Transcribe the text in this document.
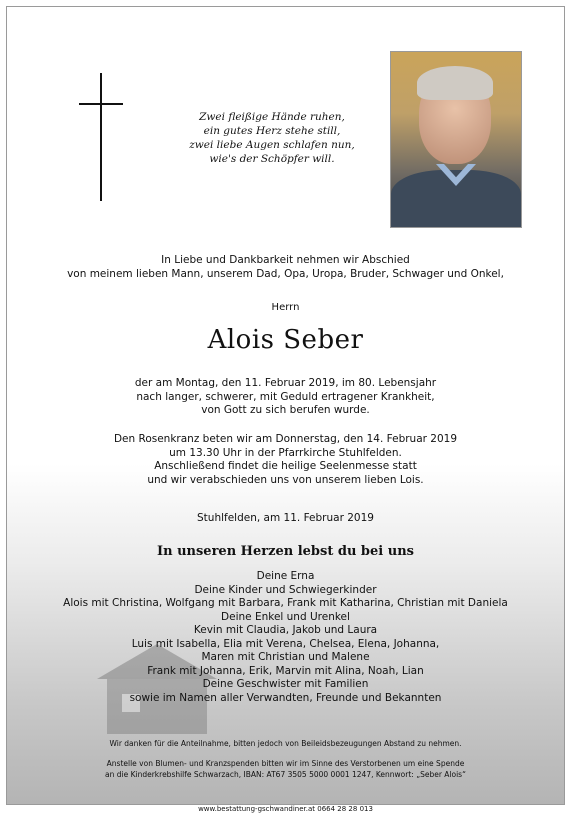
Zwei fleißige Hände ruhen,
ein gutes Herz stehe still,
zwei liebe Augen schlafen nun,
wie's der Schöpfer will.
In Liebe und Dankbarkeit nehmen wir Abschied
von meinem lieben Mann, unserem Dad, Opa, Uropa, Bruder, Schwager und Onkel,
Herrn
Alois Seber
der am Montag, den 11. Februar 2019, im 80. Lebensjahr
nach langer, schwerer, mit Geduld ertragener Krankheit,
von Gott zu sich berufen wurde.
Den Rosenkranz beten wir am Donnerstag, den 14. Februar 2019
um 13.30 Uhr in der Pfarrkirche Stuhlfelden.
Anschließend findet die heilige Seelenmesse statt
und wir verabschieden uns von unserem lieben Lois.
Stuhlfelden, am 11. Februar 2019
In unseren Herzen lebst du bei uns
Deine Erna
Deine Kinder und Schwiegerkinder
Alois mit Christina, Wolfgang mit Barbara, Frank mit Katharina, Christian mit Daniela
Deine Enkel und Urenkel
Kevin mit Claudia, Jakob und Laura
Luis mit Isabella, Elia mit Verena, Chelsea, Elena, Johanna,
Maren mit Christian und Malene
Frank mit Johanna, Erik, Marvin mit Alina, Noah, Lian
Deine Geschwister mit Familien
sowie im Namen aller Verwandten, Freunde und Bekannten
Wir danken für die Anteilnahme, bitten jedoch von Beileidsbezeugungen Abstand zu nehmen.
Anstelle von Blumen- und Kranzspenden bitten wir im Sinne des Verstorbenen um eine Spende
an die Kinderkrebshilfe Schwarzach, IBAN: AT67 3505 5000 0001 1247, Kennwort: „Seber Alois“
www.bestattung-gschwandiner.at 0664 28 28 013
